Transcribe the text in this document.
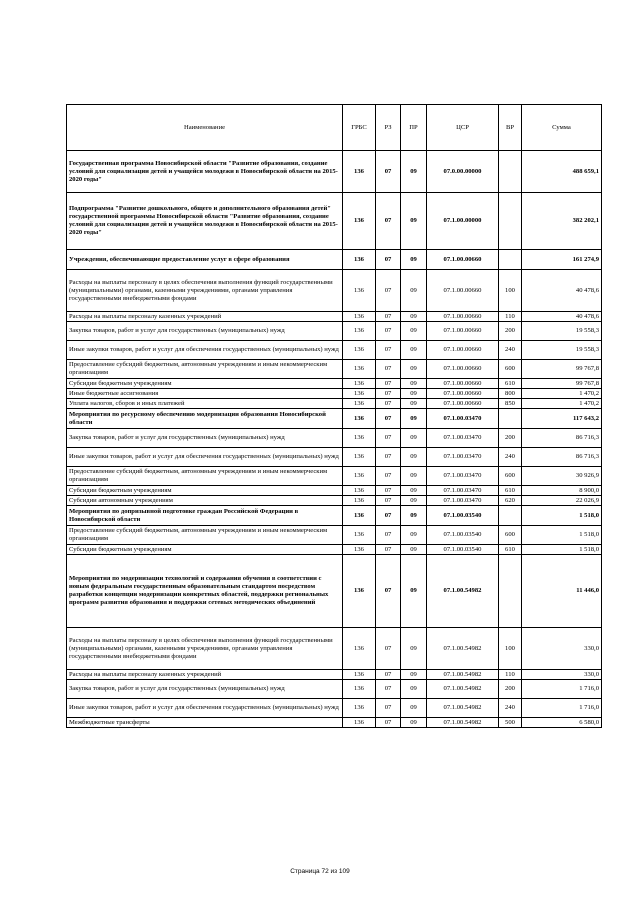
Наименование	ГРБС	РЗ	ПР	ЦСР	ВР	Сумма
Государственная программа Новосибирской области "Развитие образования, создание условий для социализации детей и учащейся молодежи в Новосибирской области на 2015-2020 годы"	136	07	09	07.0.00.00000		488 659,1
Подпрограмма "Развитие дошкольного, общего и дополнительного образования детей" государственной программы Новосибирской области "Развитие образования, создание условий для социализации детей и учащейся молодежи в Новосибирской области на 2015-2020 годы"	136	07	09	07.1.00.00000		382 202,1
Учреждения, обеспечивающие предоставление услуг в сфере образования	136	07	09	07.1.00.00660		161 274,9
Расходы на выплаты персоналу в целях обеспечения выполнения функций государственными (муниципальными) органами, казенными учреждениями, органами управления государственными внебюджетными фондами	136	07	09	07.1.00.00660	100	40 478,6
Расходы на выплаты персоналу казенных учреждений	136	07	09	07.1.00.00660	110	40 478,6
Закупка товаров, работ и услуг для государственных (муниципальных) нужд	136	07	09	07.1.00.00660	200	19 558,3
Иные закупки товаров, работ и услуг для обеспечения государственных (муниципальных) нужд	136	07	09	07.1.00.00660	240	19 558,3
Предоставление субсидий бюджетным, автономным учреждениям и иным некоммерческим организациям	136	07	09	07.1.00.00660	600	99 767,8
Субсидии бюджетным учреждениям	136	07	09	07.1.00.00660	610	99 767,8
Иные бюджетные ассигнования	136	07	09	07.1.00.00660	800	1 470,2
Уплата налогов, сборов и иных платежей	136	07	09	07.1.00.00660	850	1 470,2
Мероприятия по ресурсному обеспечению модернизации образования Новосибирской области	136	07	09	07.1.00.03470		117 643,2
Закупка товаров, работ и услуг для государственных (муниципальных) нужд	136	07	09	07.1.00.03470	200	86 716,3
Иные закупки товаров, работ и услуг для обеспечения государственных (муниципальных) нужд	136	07	09	07.1.00.03470	240	86 716,3
Предоставление субсидий бюджетным, автономным учреждениям и иным некоммерческим организациям	136	07	09	07.1.00.03470	600	30 926,9
Субсидии бюджетным учреждениям	136	07	09	07.1.00.03470	610	8 900,0
Субсидии автономным учреждениям	136	07	09	07.1.00.03470	620	22 026,9
Мероприятия по допризывной подготовке граждан Российской Федерации в Новосибирской области	136	07	09	07.1.00.03540		1 518,0
Предоставление субсидий бюджетным, автономным учреждениям и иным некоммерческим организациям	136	07	09	07.1.00.03540	600	1 518,0
Субсидии бюджетным учреждениям	136	07	09	07.1.00.03540	610	1 518,0
Мероприятия по модернизации технологий и содержания обучения в соответствии с новым федеральным государственным образовательным стандартом посредством разработки концепции модернизации конкретных областей, поддержки региональных программ развития образования и поддержки сетевых методических объединений	136	07	09	07.1.00.54982		11 446,0
Расходы на выплаты персоналу в целях обеспечения выполнения функций государственными (муниципальными) органами, казенными учреждениями, органами управления государственными внебюджетными фондами	136	07	09	07.1.00.54982	100	330,0
Расходы на выплаты персоналу казенных учреждений	136	07	09	07.1.00.54982	110	330,0
Закупка товаров, работ и услуг для государственных (муниципальных) нужд	136	07	09	07.1.00.54982	200	1 716,0
Иные закупки товаров, работ и услуг для обеспечения государственных (муниципальных) нужд	136	07	09	07.1.00.54982	240	1 716,0
Межбюджетные трансферты	136	07	09	07.1.00.54982	500	6 580,0
Страница 72 из 109
